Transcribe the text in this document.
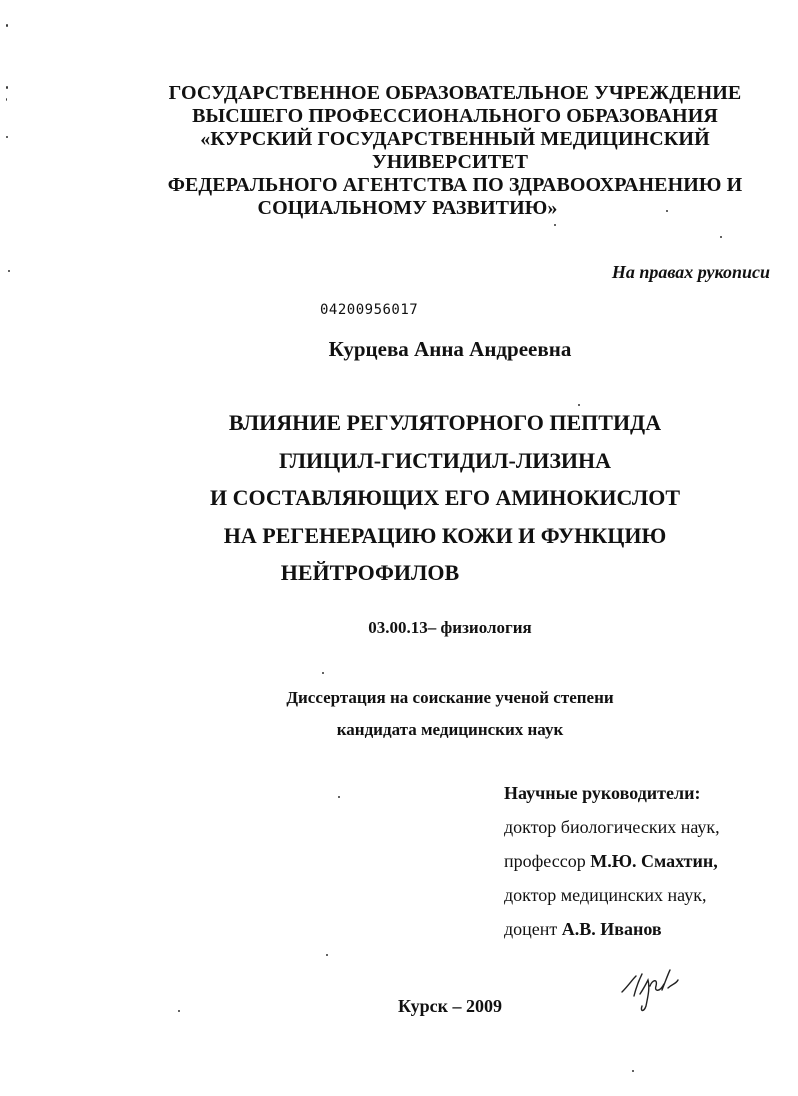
ГОСУДАРСТВЕННОЕ ОБРАЗОВАТЕЛЬНОЕ УЧРЕЖДЕНИЕ
ВЫСШЕГО ПРОФЕССИОНАЛЬНОГО ОБРАЗОВАНИЯ
«КУРСКИЙ ГОСУДАРСТВЕННЫЙ МЕДИЦИНСКИЙ
УНИВЕРСИТЕТ
ФЕДЕРАЛЬНОГО АГЕНТСТВА ПО ЗДРАВООХРАНЕНИЮ И
СОЦИАЛЬНОМУ РАЗВИТИЮ»
На правах рукописи
04200956017
Курцева Анна Андреевна
ВЛИЯНИЕ РЕГУЛЯТОРНОГО ПЕПТИДА
ГЛИЦИЛ-ГИСТИДИЛ-ЛИЗИНА
И СОСТАВЛЯЮЩИХ ЕГО АМИНОКИСЛОТ
НА РЕГЕНЕРАЦИЮ КОЖИ И ФУНКЦИЮ
НЕЙТРОФИЛОВ
03.00.13– физиология
Диссертация на соискание ученой степени
кандидата медицинских наук
Научные руководители:
доктор биологических наук,
профессор М.Ю. Смахтин,
доктор медицинских наук,
доцент А.В. Иванов
Курск – 2009
